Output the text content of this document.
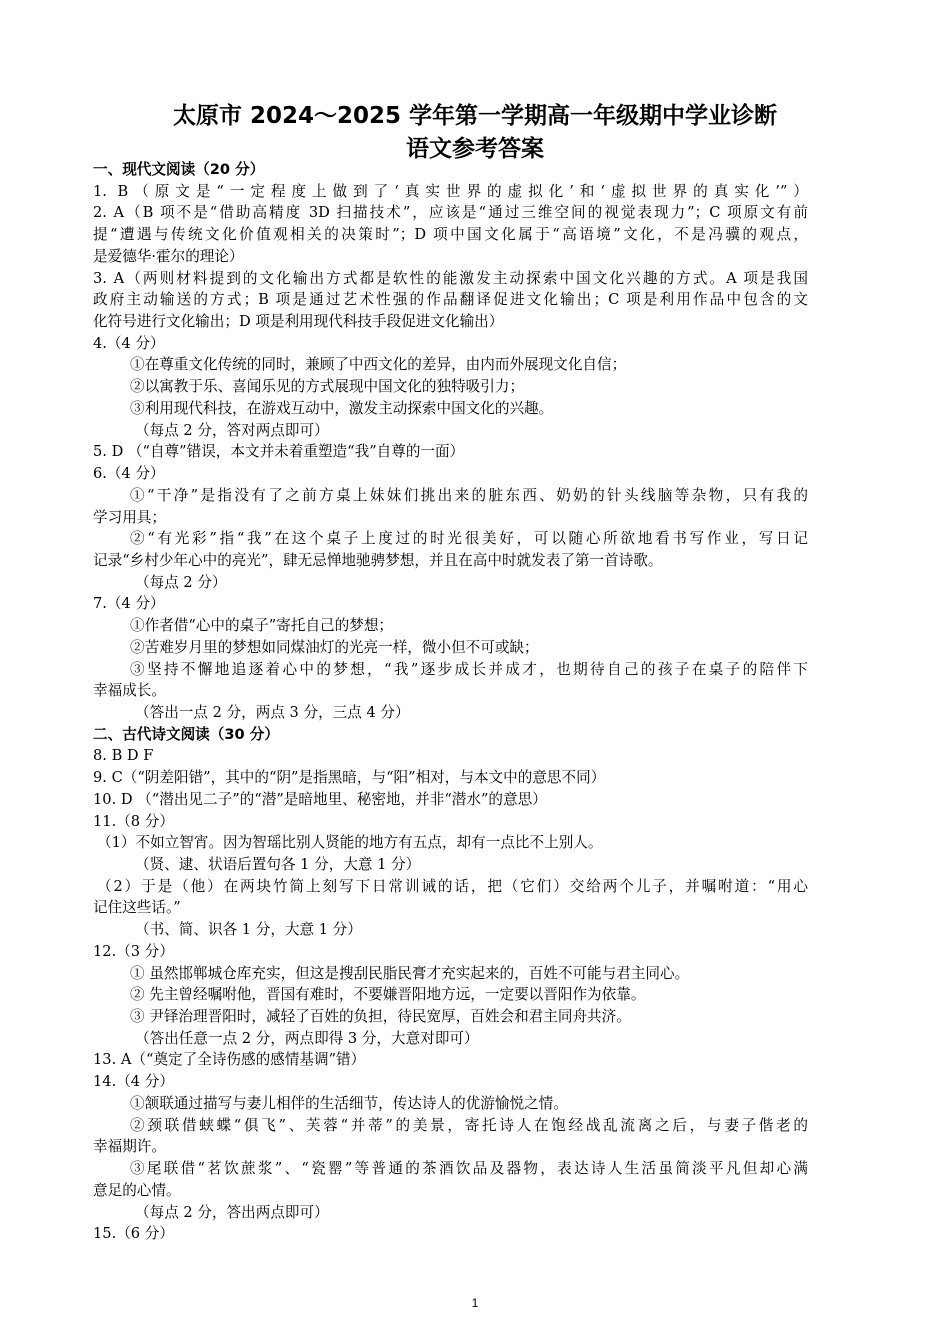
太原市 2024～2025 学年第一学期高一年级期中学业诊断
语文参考答案
一、现代文阅读（20 分）
1. B（原文是“一定程度上做到了‘真实世界的虚拟化’和‘虚拟世界的真实化’”）
2. A（B 项不是“借助高精度 3D 扫描技术”，应该是“通过三维空间的视觉表现力”；C 项原文有前
提“遭遇与传统文化价值观相关的决策时”；D 项中国文化属于“高语境”文化，不是冯骥的观点，
是爱德华·霍尔的理论）
3. A（两则材料提到的文化输出方式都是软性的能激发主动探索中国文化兴趣的方式。A 项是我国
政府主动输送的方式；B 项是通过艺术性强的作品翻译促进文化输出；C 项是利用作品中包含的文
化符号进行文化输出；D 项是利用现代科技手段促进文化输出）
4.（4 分）
①在尊重文化传统的同时，兼顾了中西文化的差异，由内而外展现文化自信；
②以寓教于乐、喜闻乐见的方式展现中国文化的独特吸引力；
③利用现代科技，在游戏互动中，激发主动探索中国文化的兴趣。
（每点 2 分，答对两点即可）
5. D （“自尊”错误，本文并未着重塑造“我”自尊的一面）
6.（4 分）
①“干净”是指没有了之前方桌上妹妹们挑出来的脏东西、奶奶的针头线脑等杂物，只有我的
学习用具；
②“有光彩”指“我”在这个桌子上度过的时光很美好，可以随心所欲地看书写作业，写日记
记录“乡村少年心中的亮光”，肆无忌惮地驰骋梦想，并且在高中时就发表了第一首诗歌。
（每点 2 分）
7.（4 分）
①作者借“心中的桌子”寄托自己的梦想；
②苦难岁月里的梦想如同煤油灯的光亮一样，微小但不可或缺；
③坚持不懈地追逐着心中的梦想，“我”逐步成长并成才，也期待自己的孩子在桌子的陪伴下
幸福成长。
（答出一点 2 分，两点 3 分，三点 4 分）
二、古代诗文阅读（30 分）
8. B D F
9. C（“阴差阳错”，其中的“阴”是指黑暗，与“阳”相对，与本文中的意思不同）
10. D （“潜出见二子”的“潜”是暗地里、秘密地，并非“潜水”的意思）
11.（8 分）
（1）不如立智宵。因为智瑶比别人贤能的地方有五点，却有一点比不上别人。
（贤、逮、状语后置句各 1 分，大意 1 分）
（2）于是（他）在两块竹简上刻写下日常训诫的话，把（它们）交给两个儿子，并嘱咐道：“用心
记住这些话。”
（书、简、识各 1 分，大意 1 分）
12.（3 分）
① 虽然邯郸城仓库充实，但这是搜刮民脂民膏才充实起来的，百姓不可能与君主同心。
② 先主曾经嘱咐他，晋国有难时，不要嫌晋阳地方远，一定要以晋阳作为依靠。
③ 尹铎治理晋阳时，减轻了百姓的负担，待民宽厚，百姓会和君主同舟共济。
（答出任意一点 2 分，两点即得 3 分，大意对即可）
13. A（“奠定了全诗伤感的感情基调”错）
14.（4 分）
①颔联通过描写与妻儿相伴的生活细节，传达诗人的优游愉悦之情。
②颈联借蛱蝶“俱飞”、芙蓉“并蒂”的美景，寄托诗人在饱经战乱流离之后，与妻子偕老的
幸福期许。
③尾联借“茗饮蔗浆”、“瓷罂”等普通的茶酒饮品及器物，表达诗人生活虽简淡平凡但却心满
意足的心情。
（每点 2 分，答出两点即可）
15.（6 分）
1
